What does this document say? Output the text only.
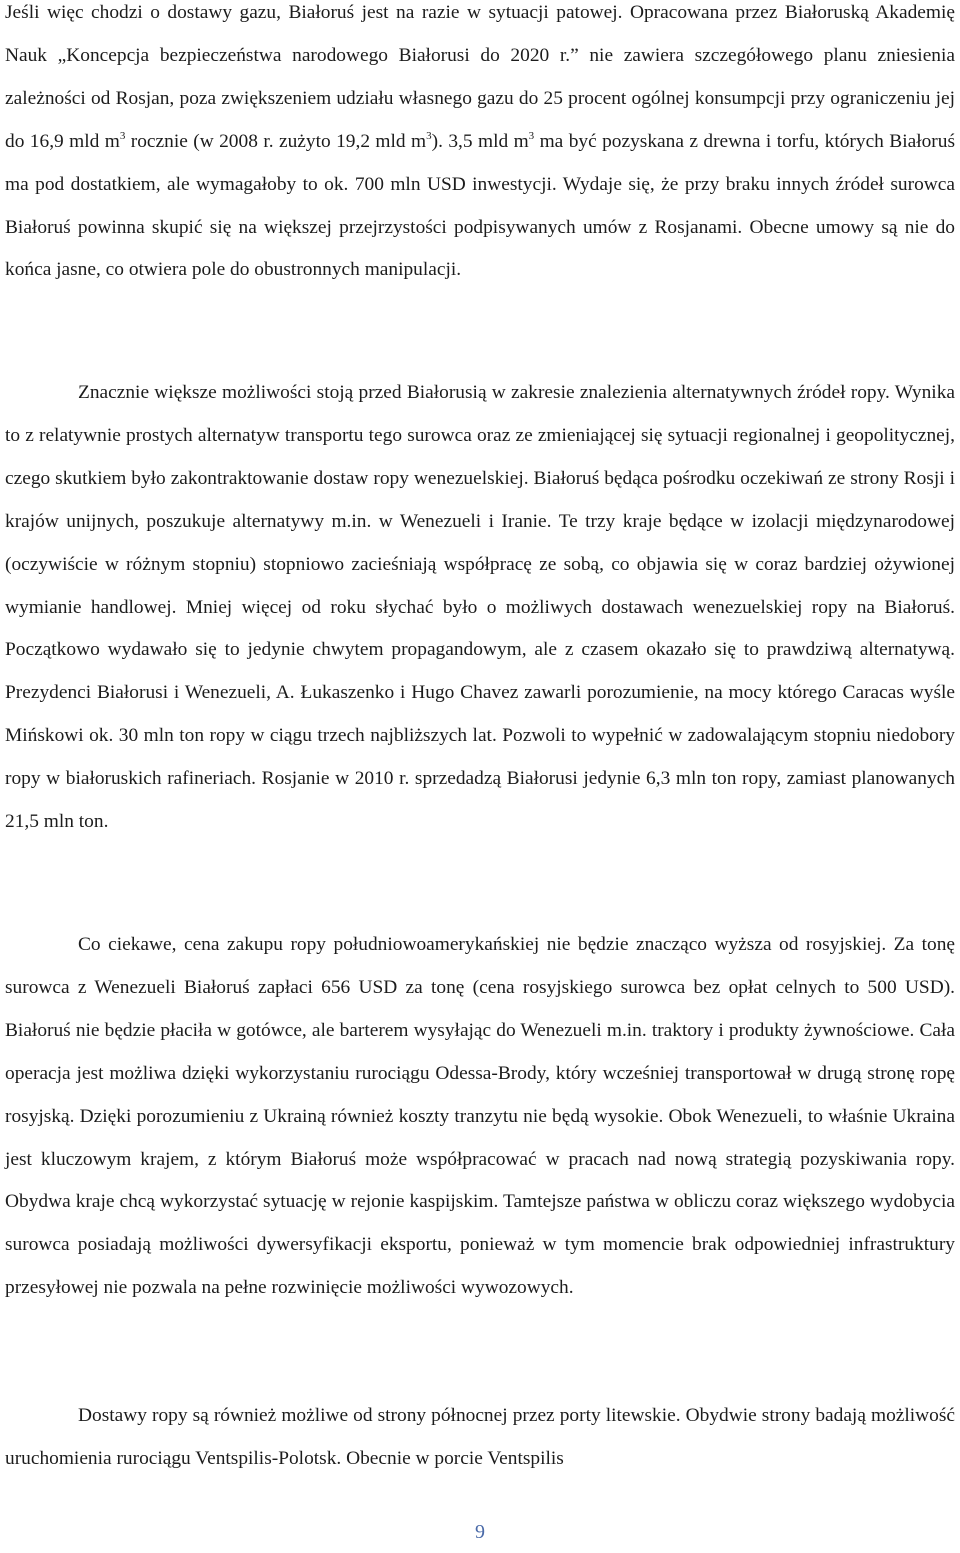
Jeśli więc chodzi o dostawy gazu, Białoruś jest na razie w sytuacji patowej. Opracowana przez Białoruską Akademię Nauk „Koncepcja bezpieczeństwa narodowego Białorusi do 2020 r.” nie zawiera szczegółowego planu zniesienia zależności od Rosjan, poza zwiększeniem udziału własnego gazu do 25 procent ogólnej konsumpcji przy ograniczeniu jej do 16,9 mld $m^3$ rocznie (w 2008 r. zużyto 19,2 mld $m^3$). 3,5 mld $m^3$ ma być pozyskana z drewna i torfu, których Białoruś ma pod dostatkiem, ale wymagałoby to ok. 700 mln USD inwestycji. Wydaje się, że przy braku innych źródeł surowca Białoruś powinna skupić się na większej przejrzystości podpisywanych umów z Rosjanami. Obecne umowy są nie do końca jasne, co otwiera pole do obustronnych manipulacji.

Znacznie większe możliwości stoją przed Białorusią w zakresie znalezienia alternatywnych źródeł ropy. Wynika to z relatywnie prostych alternatyw transportu tego surowca oraz ze zmieniającej się sytuacji regionalnej i geopolitycznej, czego skutkiem było zakontraktowanie dostaw ropy wenezuelskiej. Białoruś będąca pośrodku oczekiwań ze strony Rosji i krajów unijnych, poszukuje alternatywy m.in. w Wenezueli i Iranie. Te trzy kraje będące w izolacji międzynarodowej (oczywiście w różnym stopniu) stopniowo zacieśniają współpracę ze sobą, co objawia się w coraz bardziej ożywionej wymianie handlowej. Mniej więcej od roku słychać było o możliwych dostawach wenezuelskiej ropy na Białoruś. Początkowo wydawało się to jedynie chwytem propagandowym, ale z czasem okazało się to prawdziwą alternatywą. Prezydenci Białorusi i Wenezueli, A. Łukaszenko i Hugo Chavez zawarli porozumienie, na mocy którego Caracas wyśle Mińskowi ok. 30 mln ton ropy w ciągu trzech najbliższych lat. Pozwoli to wypełnić w zadowalającym stopniu niedobory ropy w białoruskich rafineriach. Rosjanie w 2010 r. sprzedadzą Białorusi jedynie 6,3 mln ton ropy, zamiast planowanych 21,5 mln ton.

Co ciekawe, cena zakupu ropy południowoamerykańskiej nie będzie znacząco wyższa od rosyjskiej. Za tonę surowca z Wenezueli Białoruś zapłaci 656 USD za tonę (cena rosyjskiego surowca bez opłat celnych to 500 USD). Białoruś nie będzie płaciła w gotówce, ale barterem wysyłając do Wenezueli m.in. traktory i produkty żywnościowe. Cała operacja jest możliwa dzięki wykorzystaniu rurociągu Odessa-Brody, który wcześniej transportował w drugą stronę ropę rosyjską. Dzięki porozumieniu z Ukrainą również koszty tranzytu nie będą wysokie. Obok Wenezueli, to właśnie Ukraina jest kluczowym krajem, z którym Białoruś może współpracować w pracach nad nową strategią pozyskiwania ropy. Obydwa kraje chcą wykorzystać sytuację w rejonie kaspijskim. Tamtejsze państwa w obliczu coraz większego wydobycia surowca posiadają możliwości dywersyfikacji eksportu, ponieważ w tym momencie brak odpowiedniej infrastruktury przesyłowej nie pozwala na pełne rozwinięcie możliwości wywozowych.

Dostawy ropy są również możliwe od strony północnej przez porty litewskie. Obydwie strony badają możliwość uruchomienia rurociągu Ventspilis-Polotsk. Obecnie w porcie Ventspilis

9
